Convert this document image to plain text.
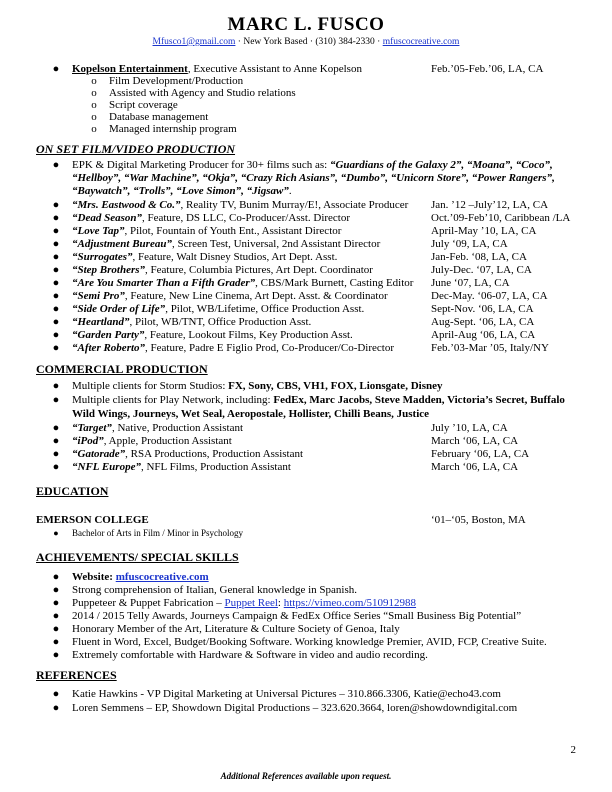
MARC L. FUSCO
Mfusco1@gmail.com · New York Based · (310) 384-2330 · mfuscocreative.com
● Kopelson Entertainment, Executive Assistant to Anne Kopelson	Feb.’05-Feb.’06, LA, CA
o Film Development/Production
o Assisted with Agency and Studio relations
o Script coverage
o Database management
o Managed internship program
ON SET FILM/VIDEO PRODUCTION
● EPK & Digital Marketing Producer for 30+ films such as: “Guardians of the Galaxy 2”, “Moana”, “Coco”,
“Hellboy”, “War Machine”, “Okja”, “Crazy Rich Asians”, “Dumbo”, “Unicorn Store”, “Power Rangers”,
“Baywatch”, “Trolls”, “Love Simon”, “Jigsaw”.
● “Mrs. Eastwood & Co.”, Reality TV, Bunim Murray/E!, Associate Producer Jan. ’12 –July’12, LA, CA
● “Dead Season”, Feature, DS LLC, Co-Producer/Asst. Director	Oct.’09-Feb’10, Caribbean /LA
● “Love Tap”, Pilot, Fountain of Youth Ent., Assistant Director	April-May ’10, LA, CA
● “Adjustment Bureau”, Screen Test, Universal, 2nd Assistant Director	July ‘09, LA, CA
● “Surrogates”, Feature, Walt Disney Studios, Art Dept. Asst.	Jan-Feb. ‘08, LA, CA
● “Step Brothers”, Feature, Columbia Pictures, Art Dept. Coordinator	July-Dec. ‘07, LA, CA
● “Are You Smarter Than a Fifth Grader”, CBS/Mark Burnett, Casting Editor June ‘07, LA, CA
● “Semi Pro”, Feature, New Line Cinema, Art Dept. Asst. & Coordinator	Dec-May. ‘06-07, LA, CA
● “Side Order of Life”, Pilot, WB/Lifetime, Office Production Asst.	Sept-Nov. ‘06, LA, CA
● “Heartland”, Pilot, WB/TNT, Office Production Asst.	Aug-Sept. ‘06, LA, CA
● “Garden Party”, Feature, Lookout Films, Key Production Asst.	April-Aug ‘06, LA, CA
● “After Roberto”, Feature, Padre E Figlio Prod, Co-Producer/Co-Director	Feb.’03-Mar ’05, Italy/NY
COMMERCIAL PRODUCTION
● Multiple clients for Storm Studios: FX, Sony, CBS, VH1, FOX, Lionsgate, Disney
● Multiple clients for Play Network, including: FedEx, Marc Jacobs, Steve Madden, Victoria’s Secret, Buffalo
Wild Wings, Journeys, Wet Seal, Aeropostale, Hollister, Chilli Beans, Justice
● “Target”, Native, Production Assistant	July ’10, LA, CA
● “iPod”, Apple, Production Assistant	March ‘06, LA, CA
● “Gatorade”, RSA Productions, Production Assistant	February ‘06, LA, CA
● “NFL Europe”, NFL Films, Production Assistant	March ‘06, LA, CA
EDUCATION
EMERSON COLLEGE	‘01–‘05, Boston, MA
● Bachelor of Arts in Film / Minor in Psychology
ACHIEVEMENTS/ SPECIAL SKILLS
● Website: mfuscocreative.com
● Strong comprehension of Italian, General knowledge in Spanish.
● Puppeteer & Puppet Fabrication – Puppet Reel: https://vimeo.com/510912988
● 2014 / 2015 Telly Awards, Journeys Campaign & FedEx Office Series “Small Business Big Potential”
● Honorary Member of the Art, Literature & Culture Society of Genoa, Italy
● Fluent in Word, Excel, Budget/Booking Software. Working knowledge Premier, AVID, FCP, Creative Suite.
● Extremely comfortable with Hardware & Software in video and audio recording.
REFERENCES
● Katie Hawkins - VP Digital Marketing at Universal Pictures – 310.866.3306, Katie@echo43.com
● Loren Semmens – EP, Showdown Digital Productions – 323.620.3664, loren@showdowndigital.com
2
Additional References available upon request.
